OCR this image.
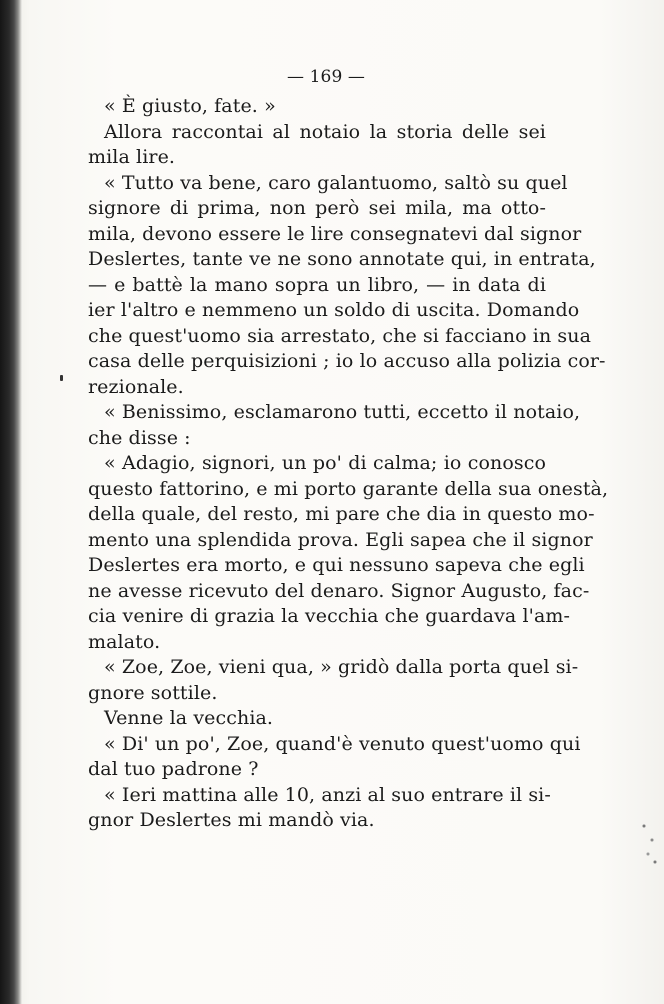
— 169 —
« È giusto, fate. »
Allora raccontai al notaio la storia delle sei
mila lire.
« Tutto va bene, caro galantuomo, saltò su quel
signore di prima, non però sei mila, ma otto-
mila, devono essere le lire consegnatevi dal signor
Deslertes, tante ve ne sono annotate qui, in entrata,
— e battè la mano sopra un libro, — in data di
ier l'altro e nemmeno un soldo di uscita. Domando
che quest'uomo sia arrestato, che si facciano in sua
casa delle perquisizioni ; io lo accuso alla polizia cor-
rezionale.
« Benissimo, esclamarono tutti, eccetto il notaio,
che disse :
« Adagio, signori, un po' di calma; io conosco
questo fattorino, e mi porto garante della sua onestà,
della quale, del resto, mi pare che dia in questo mo-
mento una splendida prova. Egli sapea che il signor
Deslertes era morto, e qui nessuno sapeva che egli
ne avesse ricevuto del denaro. Signor Augusto, fac-
cia venire di grazia la vecchia che guardava l'am-
malato.
« Zoe, Zoe, vieni qua, » gridò dalla porta quel si-
gnore sottile.
Venne la vecchia.
« Di' un po', Zoe, quand'è venuto quest'uomo qui
dal tuo padrone ?
« Ieri mattina alle 10, anzi al suo entrare il si-
gnor Deslertes mi mandò via.
